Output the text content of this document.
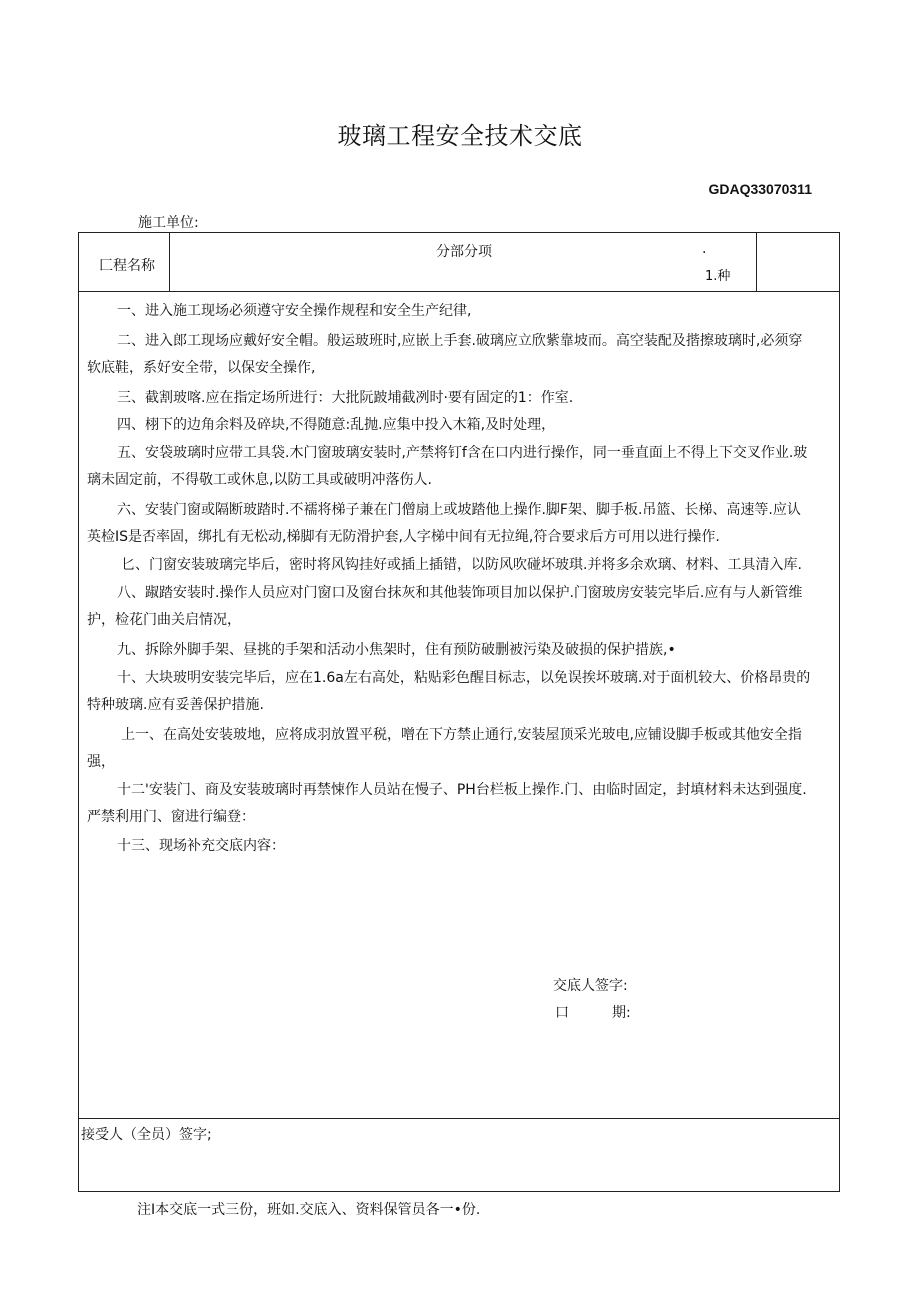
玻璃工程安全技术交底
GDAQ33070311
施工单位:
匚程名称
分部分项	.
1.种
一、进入施工现场必须遵守安全操作规程和安全生产纪律,
二、进入郎工现场应戴好安全帽。般运玻班时,应嵌上手套.破璃应立欣紫靠坡而。高空装配及揩擦玻璃时,必须穿
软底鞋，系好安全带，以保安全操作,
三、截割玻喀.应在指定场所进行：大批阮跛埔截冽时·要有固定的1：作室.
四、栩下的边角余料及碎块,不得随意:乱抛.应集中投入木箱,及时处理，
五、安袋玻璃时应带工具袋.木门窗玻璃安装时,产禁将钉f含在口内进行操作，同一垂直面上不得上下交叉作业.玻
璃未固定前，不得敬工或休息,以防工具或破明冲落伤人.
六、安装门窗或隔断玻踏时.不襦将梯子兼在门僧扇上或坡踏他上操作.脚F架、脚手板.吊篮、长梯、高速等.应认
英检IS是否率固，绑扎有无松动,梯脚有无防滑护套,人字梯中间有无拉绳,符合要求后方可用以进行操作.
匕、门窗安装玻璃完毕后，密时将风钩挂好或插上插错，以防风吹碰坏玻琪.并将多余欢璃、材料、工具清入库.
八、踧踏安装时.操作人员应对门窗口及窗台抹灰和其他装饰项目加以保护.门窗玻房安装完毕后.应有与人新管维
护，检花门曲关启情况，
九、拆除外脚手架、昼挑的手架和活动小焦架时，住有预防破删被污染及破损的保护措族,•
十、大块玻明安装完毕后，应在1.6a左右高处，粘贴彩色醒目标志，以免误挨坏玻璃.对于面机较大、价格昂贵的
特种玻璃.应有妥善保护措施.
上一、在高处安装玻地，应将成羽放置平税，噌在下方禁止通行,安装屋顶采光玻电,应铺设脚手板或其他安全指
强，
十二'安装门、商及安装玻璃时再禁悚作人员站在慢子、PH台栏板上操作.门、由临时固定，封填材料未达到强度.
严禁利用门、窗进行编登：
十三、现场补充交底内容：
交底人签字:
口	期:
接受人（全员）签字;
注I本交底一式三份，班如.交底入、资料保管员各一•份.
